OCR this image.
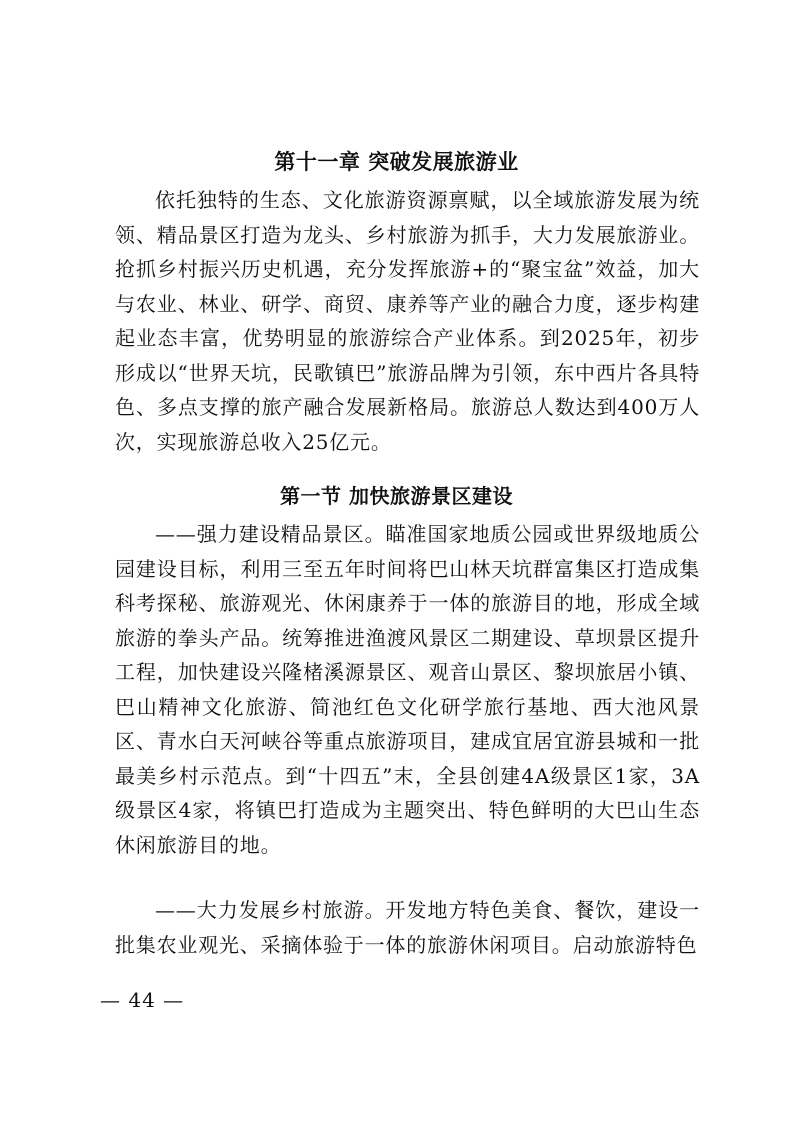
第十一章 突破发展旅游业

依托独特的生态、文化旅游资源禀赋，以全域旅游发展为统领、精品景区打造为龙头、乡村旅游为抓手，大力发展旅游业。抢抓乡村振兴历史机遇，充分发挥旅游+的“聚宝盆”效益，加大与农业、林业、研学、商贸、康养等产业的融合力度，逐步构建起业态丰富，优势明显的旅游综合产业体系。到2025年，初步形成以“世界天坑，民歌镇巴”旅游品牌为引领，东中西片各具特色、多点支撑的旅产融合发展新格局。旅游总人数达到400万人次，实现旅游总收入25亿元。

第一节 加快旅游景区建设

——强力建设精品景区。瞄准国家地质公园或世界级地质公园建设目标，利用三至五年时间将巴山林天坑群富集区打造成集科考探秘、旅游观光、休闲康养于一体的旅游目的地，形成全域旅游的拳头产品。统筹推进渔渡风景区二期建设、草坝景区提升工程，加快建设兴隆楮溪源景区、观音山景区、黎坝旅居小镇、巴山精神文化旅游、简池红色文化研学旅行基地、西大池风景区、青水白天河峡谷等重点旅游项目，建成宜居宜游县城和一批最美乡村示范点。到“十四五”末，全县创建4A级景区1家，3A级景区4家，将镇巴打造成为主题突出、特色鲜明的大巴山生态休闲旅游目的地。

——大力发展乡村旅游。开发地方特色美食、餐饮，建设一批集农业观光、采摘体验于一体的旅游休闲项目。启动旅游特色

— 44 —
